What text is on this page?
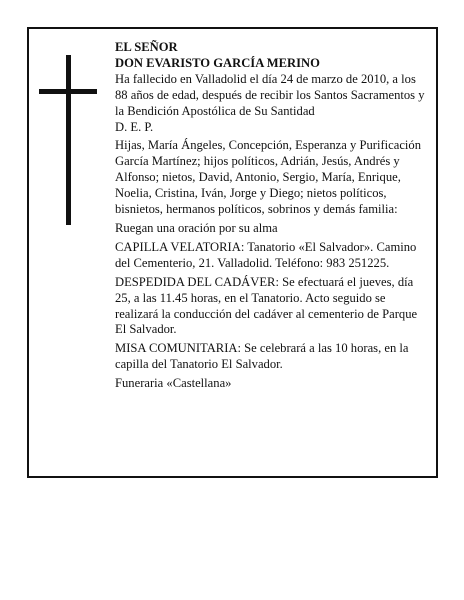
EL SEÑOR

DON EVARISTO GARCÍA MERINO

Ha fallecido en Valladolid el día 24 de marzo de 2010, a los 88 años de edad, después de recibir los Santos Sacramentos y la Bendición Apostólica de Su Santidad

D. E. P.

Hijas, María Ángeles, Concepción, Esperanza y Purificación García Martínez; hijos políticos, Adrián, Jesús, Andrés y Alfonso; nietos, David, Antonio, Sergio, María, Enrique, Noelia, Cristina, Iván, Jorge y Diego; nietos políticos, bisnietos, hermanos políticos, sobrinos y demás familia:

Ruegan una oración por su alma

CAPILLA VELATORIA: Tanatorio «El Salvador». Camino del Cementerio, 21. Valladolid. Teléfono: 983 251225.

DESPEDIDA DEL CADÁVER: Se efectuará el jueves, día 25, a las 11.45 horas, en el Tanatorio. Acto seguido se realizará la conducción del cadáver al cementerio de Parque El Salvador.

MISA COMUNITARIA: Se celebrará a las 10 horas, en la capilla del Tanatorio El Salvador.

Funeraria «Castellana»
